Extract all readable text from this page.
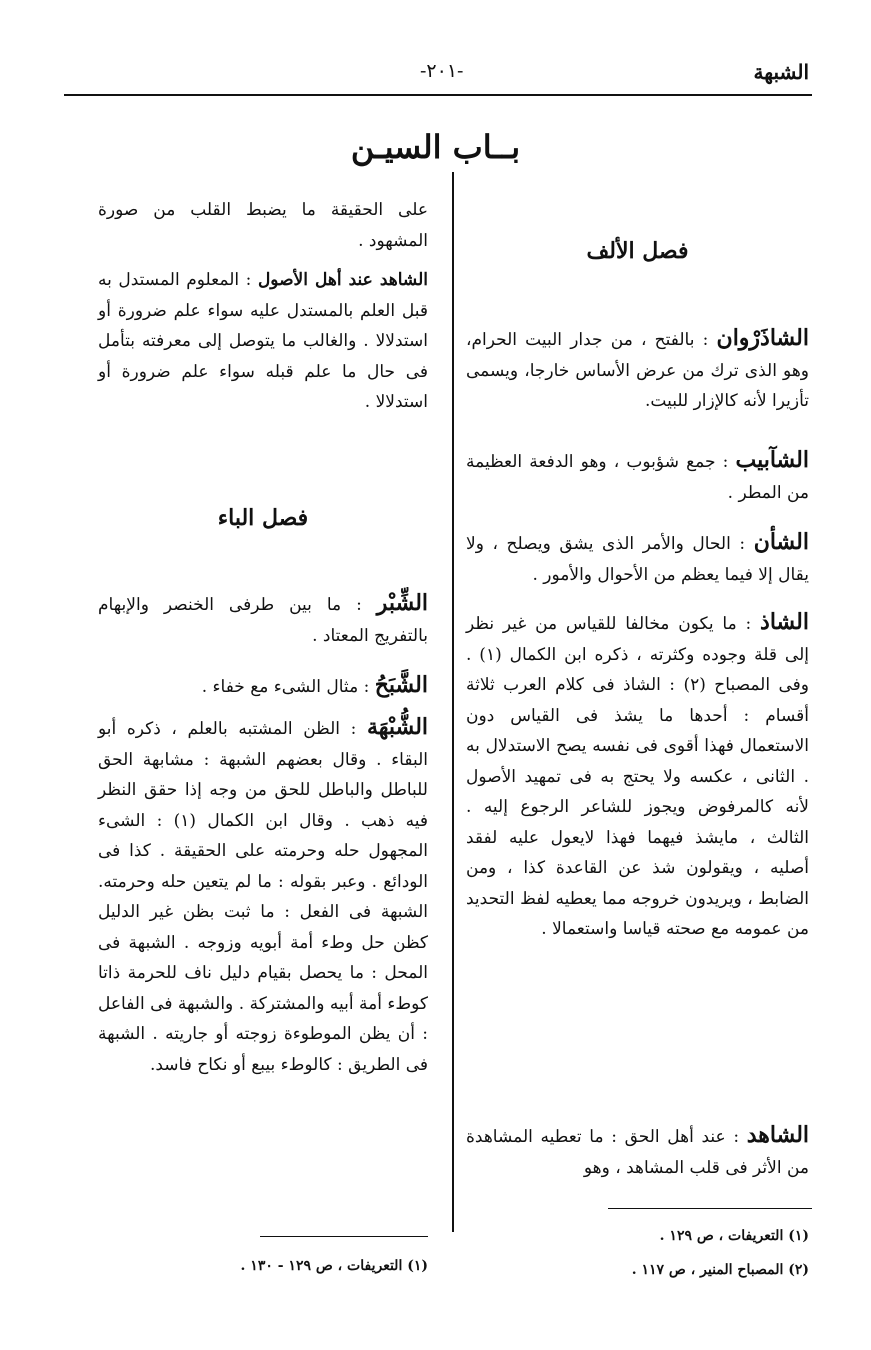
الشبهة
-٢٠١-
بــاب السيـن
فصل الألف
الشاذَرْوان : بالفتح ، من جدار البيت الحرام، وهو الذى ترك من عرض الأساس خارجا، ويسمى تأزيرا لأنه كالإزار للبيت.
الشآبيب : جمع شؤبوب ، وهو الدفعة العظيمة من المطر .
الشأن : الحال والأمر الذى يشق ويصلح ، ولا يقال إلا فيما يعظم من الأحوال والأمور .
الشاذ : ما يكون مخالفا للقياس من غير نظر إلى قلة وجوده وكثرته ، ذكره ابن الكمال (١) . وفى المصباح (٢) : الشاذ فى كلام العرب ثلاثة أقسام : أحدها ما يشذ فى القياس دون الاستعمال فهذا أقوى فى نفسه يصح الاستدلال به . الثانى ، عكسه ولا يحتج به فى تمهيد الأصول لأنه كالمرفوض ويجوز للشاعر الرجوع إليه . الثالث ، مايشذ فيهما فهذا لايعول عليه لفقد أصليه ، ويقولون شذ عن القاعدة كذا ، ومن الضابط ، ويريدون خروجه مما يعطيه لفظ التحديد من عمومه مع صحته قياسا واستعمالا .
الشاهد : عند أهل الحق : ما تعطيه المشاهدة من الأثر فى قلب المشاهد ، وهو
(١) التعريفات ، ص ١٢٩ .
(٢) المصباح المنير ، ص ١١٧ .
على الحقيقة ما يضبط القلب من صورة المشهود .
الشاهد عند أهل الأصول : المعلوم المستدل به قبل العلم بالمستدل عليه سواء علم ضرورة أو استدلالا . والغالب ما يتوصل إلى معرفته بتأمل فى حال ما علم قبله سواء علم ضرورة أو استدلالا .
فصل الباء
الشِّبْر : ما بين طرفى الخنصر والإبهام بالتفريج المعتاد .
الشَّبَحُ : مثال الشىء مع خفاء .
الشُّبْهَة : الظن المشتبه بالعلم ، ذكره أبو البقاء . وقال بعضهم الشبهة : مشابهة الحق للباطل والباطل للحق من وجه إذا حقق النظر فيه ذهب . وقال ابن الكمال (١) : الشىء المجهول حله وحرمته على الحقيقة . كذا فى الودائع . وعبر بقوله : ما لم يتعين حله وحرمته. الشبهة فى الفعل : ما ثبت بظن غير الدليل كظن حل وطء أمة أبويه وزوجه . الشبهة فى المحل : ما يحصل بقيام دليل ناف للحرمة ذاتا كوطء أمة أبيه والمشتركة . والشبهة فى الفاعل : أن يظن الموطوءة زوجته أو جاريته . الشبهة فى الطريق : كالوطء بيبع أو نكاح فاسد.
(١) التعريفات ، ص ١٢٩ - ١٣٠ .
